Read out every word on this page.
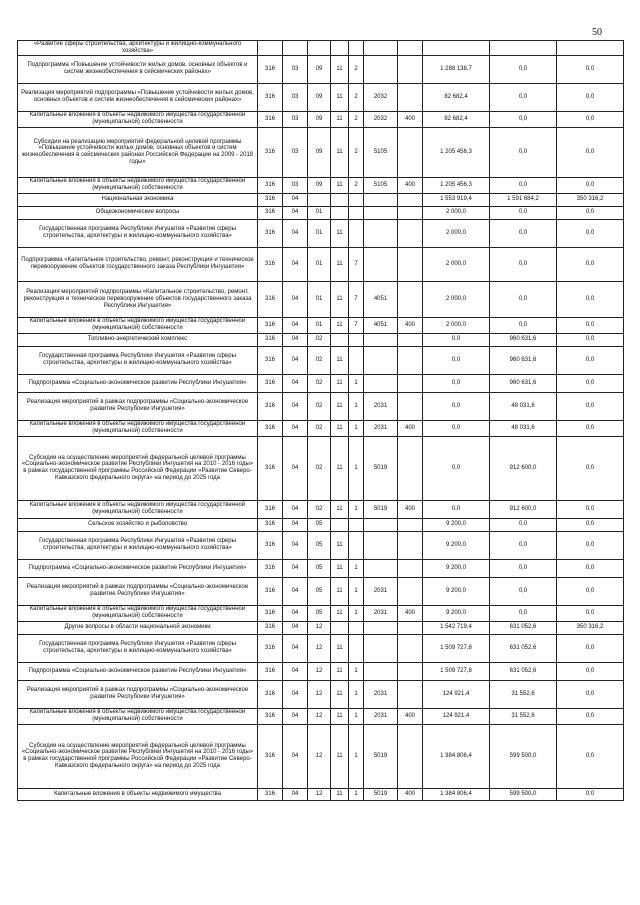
50
«Развитие сферы строительства, архитектуры и жилищно-коммунального хозяйства»										
Подпрограмма «Повышение устойчивости жилых домов, основных объектов и систем жизнеобеспечения в сейсмических районах»	316	03	09	11	2			1 288 138,7	0,0	0,0
Реализация мероприятий подпрограммы «Повышение устойчивости жилых домов, основных объектов и систем жизнеобеспечения в сейсмических районах»	316	03	09	11	2	2032		82 682,4	0,0	0,0
Капитальные вложения в объекты недвижимого имущества государственной (муниципальной) собственности	316	03	09	11	2	2032	400	82 682,4	0,0	0,0
Субсидии на реализацию мероприятий федеральной целевой программы «Повышение устойчивости жилых домов, основных объектов и систем жизнеобеспечения в сейсмических районах Российской Федерации на 2009 - 2018 годы»	316	03	09	11	2	5105		1 205 456,3	0,0	0,0
Капитальные вложения в объекты недвижимого имущества государственной (муниципальной) собственности	316	03	09	11	2	5105	400	1 205 456,3	0,0	0,0
Национальная экономика	316	04						1 553 919,4	1 591 684,2	350 316,2
Общеэкономические вопросы	316	04	01					2 000,0	0,0	0,0
Государственная программа Республики Ингушетия «Развитие сферы строительства, архитектуры и жилищно-коммунального хозяйства»	316	04	01	11				2 000,0	0,0	0,0
Подпрограмма «Капитальное строительство, ремонт, реконструкция и техническое перевооружение объектов государственного заказа Республики Ингушетия»	316	04	01	11	7			2 000,0	0,0	0,0
Реализация мероприятий подпрограммы «Капитальное строительство, ремонт, реконструкция и техническое перевооружение объектов государственного заказа Республики Ингушетия»	316	04	01	11	7	4051		2 000,0	0,0	0,0
Капитальные вложения в объекты недвижимого имущества государственной (муниципальной) собственности	316	04	01	11	7	4051	400	2 000,0	0,0	0,0
Топливно-энергетический комплекс	316	04	02					0,0	960 631,6	0,0
Государственная программа Республики Ингушетия «Развитие сферы строительства, архитектуры и жилищно-коммунального хозяйства»	316	04	02	11				0,0	960 631,6	0,0
Подпрограмма «Социально-экономическое развитие Республики Ингушетия»	316	04	02	11	1			0,0	960 631,6	0,0
Реализация мероприятий в рамках подпрограммы «Социально-экономическое развитие Республики Ингушетия»	316	04	02	11	1	2031		0,0	48 031,6	0,0
Капитальные вложения в объекты недвижимого имущества государственной (муниципальной) собственности	316	04	02	11	1	2031	400	0,0	48 031,6	0,0
Субсидии на осуществление мероприятий федеральной целевой программы «Социально-экономическое развитие Республики Ингушетия на 2010 - 2016 годы» в рамках государственной программы Российской Федерации «Развитие Северо-Кавказского федерального округа» на период до 2025 года	316	04	02	11	1	5019		0,0	912 600,0	0,0
Капитальные вложения в объекты недвижимого имущества государственной (муниципальной) собственности	316	04	02	11	1	5019	400	0,0	912 600,0	0,0
Сельское хозяйство и рыболовство	316	04	05					9 200,0	0,0	0,0
Государственная программа Республики Ингушетия «Развитие сферы строительства, архитектуры и жилищно-коммунального хозяйства»	316	04	05	11				9 200,0	0,0	0,0
Подпрограмма «Социально-экономическое развитие Республики Ингушетия»	316	04	05	11	1			9 200,0	0,0	0,0
Реализация мероприятий в рамках подпрограммы «Социально-экономическое развитие Республики Ингушетия»	316	04	05	11	1	2031		9 200,0	0,0	0,0
Капитальные вложения в объекты недвижимого имущества государственной (муниципальной) собственности	316	04	05	11	1	2031	400	9 200,0	0,0	0,0
Другие вопросы в области национальной экономики	316	04	12					1 542 719,4	631 052,6	350 316,2
Государственная программа Республики Ингушетия «Развитие сферы строительства, архитектуры и жилищно-коммунального хозяйства»	316	04	12	11				1 509 727,8	631 052,6	0,0
Подпрограмма «Социально-экономическое развитие Республики Ингушетия»	316	04	12	11	1			1 509 727,8	631 052,6	0,0
Реализация мероприятий в рамках подпрограммы «Социально-экономическое развитие Республики Ингушетия»	316	04	12	11	1	2031		124 921,4	31 552,6	0,0
Капитальные вложения в объекты недвижимого имущества государственной (муниципальной) собственности	316	04	12	11	1	2031	400	124 921,4	31 552,6	0,0
Субсидии на осуществление мероприятий федеральной целевой программы «Социально-экономическое развитие Республики Ингушетия на 2010 - 2016 годы» в рамках государственной программы Российской Федерации «Развитие Северо-Кавказского федерального округа» на период до 2025 года	316	04	12	11	1	5019		1 384 806,4	599 500,0	0,0
Капитальные вложения в объекты недвижимого имущества	316	04	12	11	1	5019	400	1 384 806,4	599 500,0	0,0
